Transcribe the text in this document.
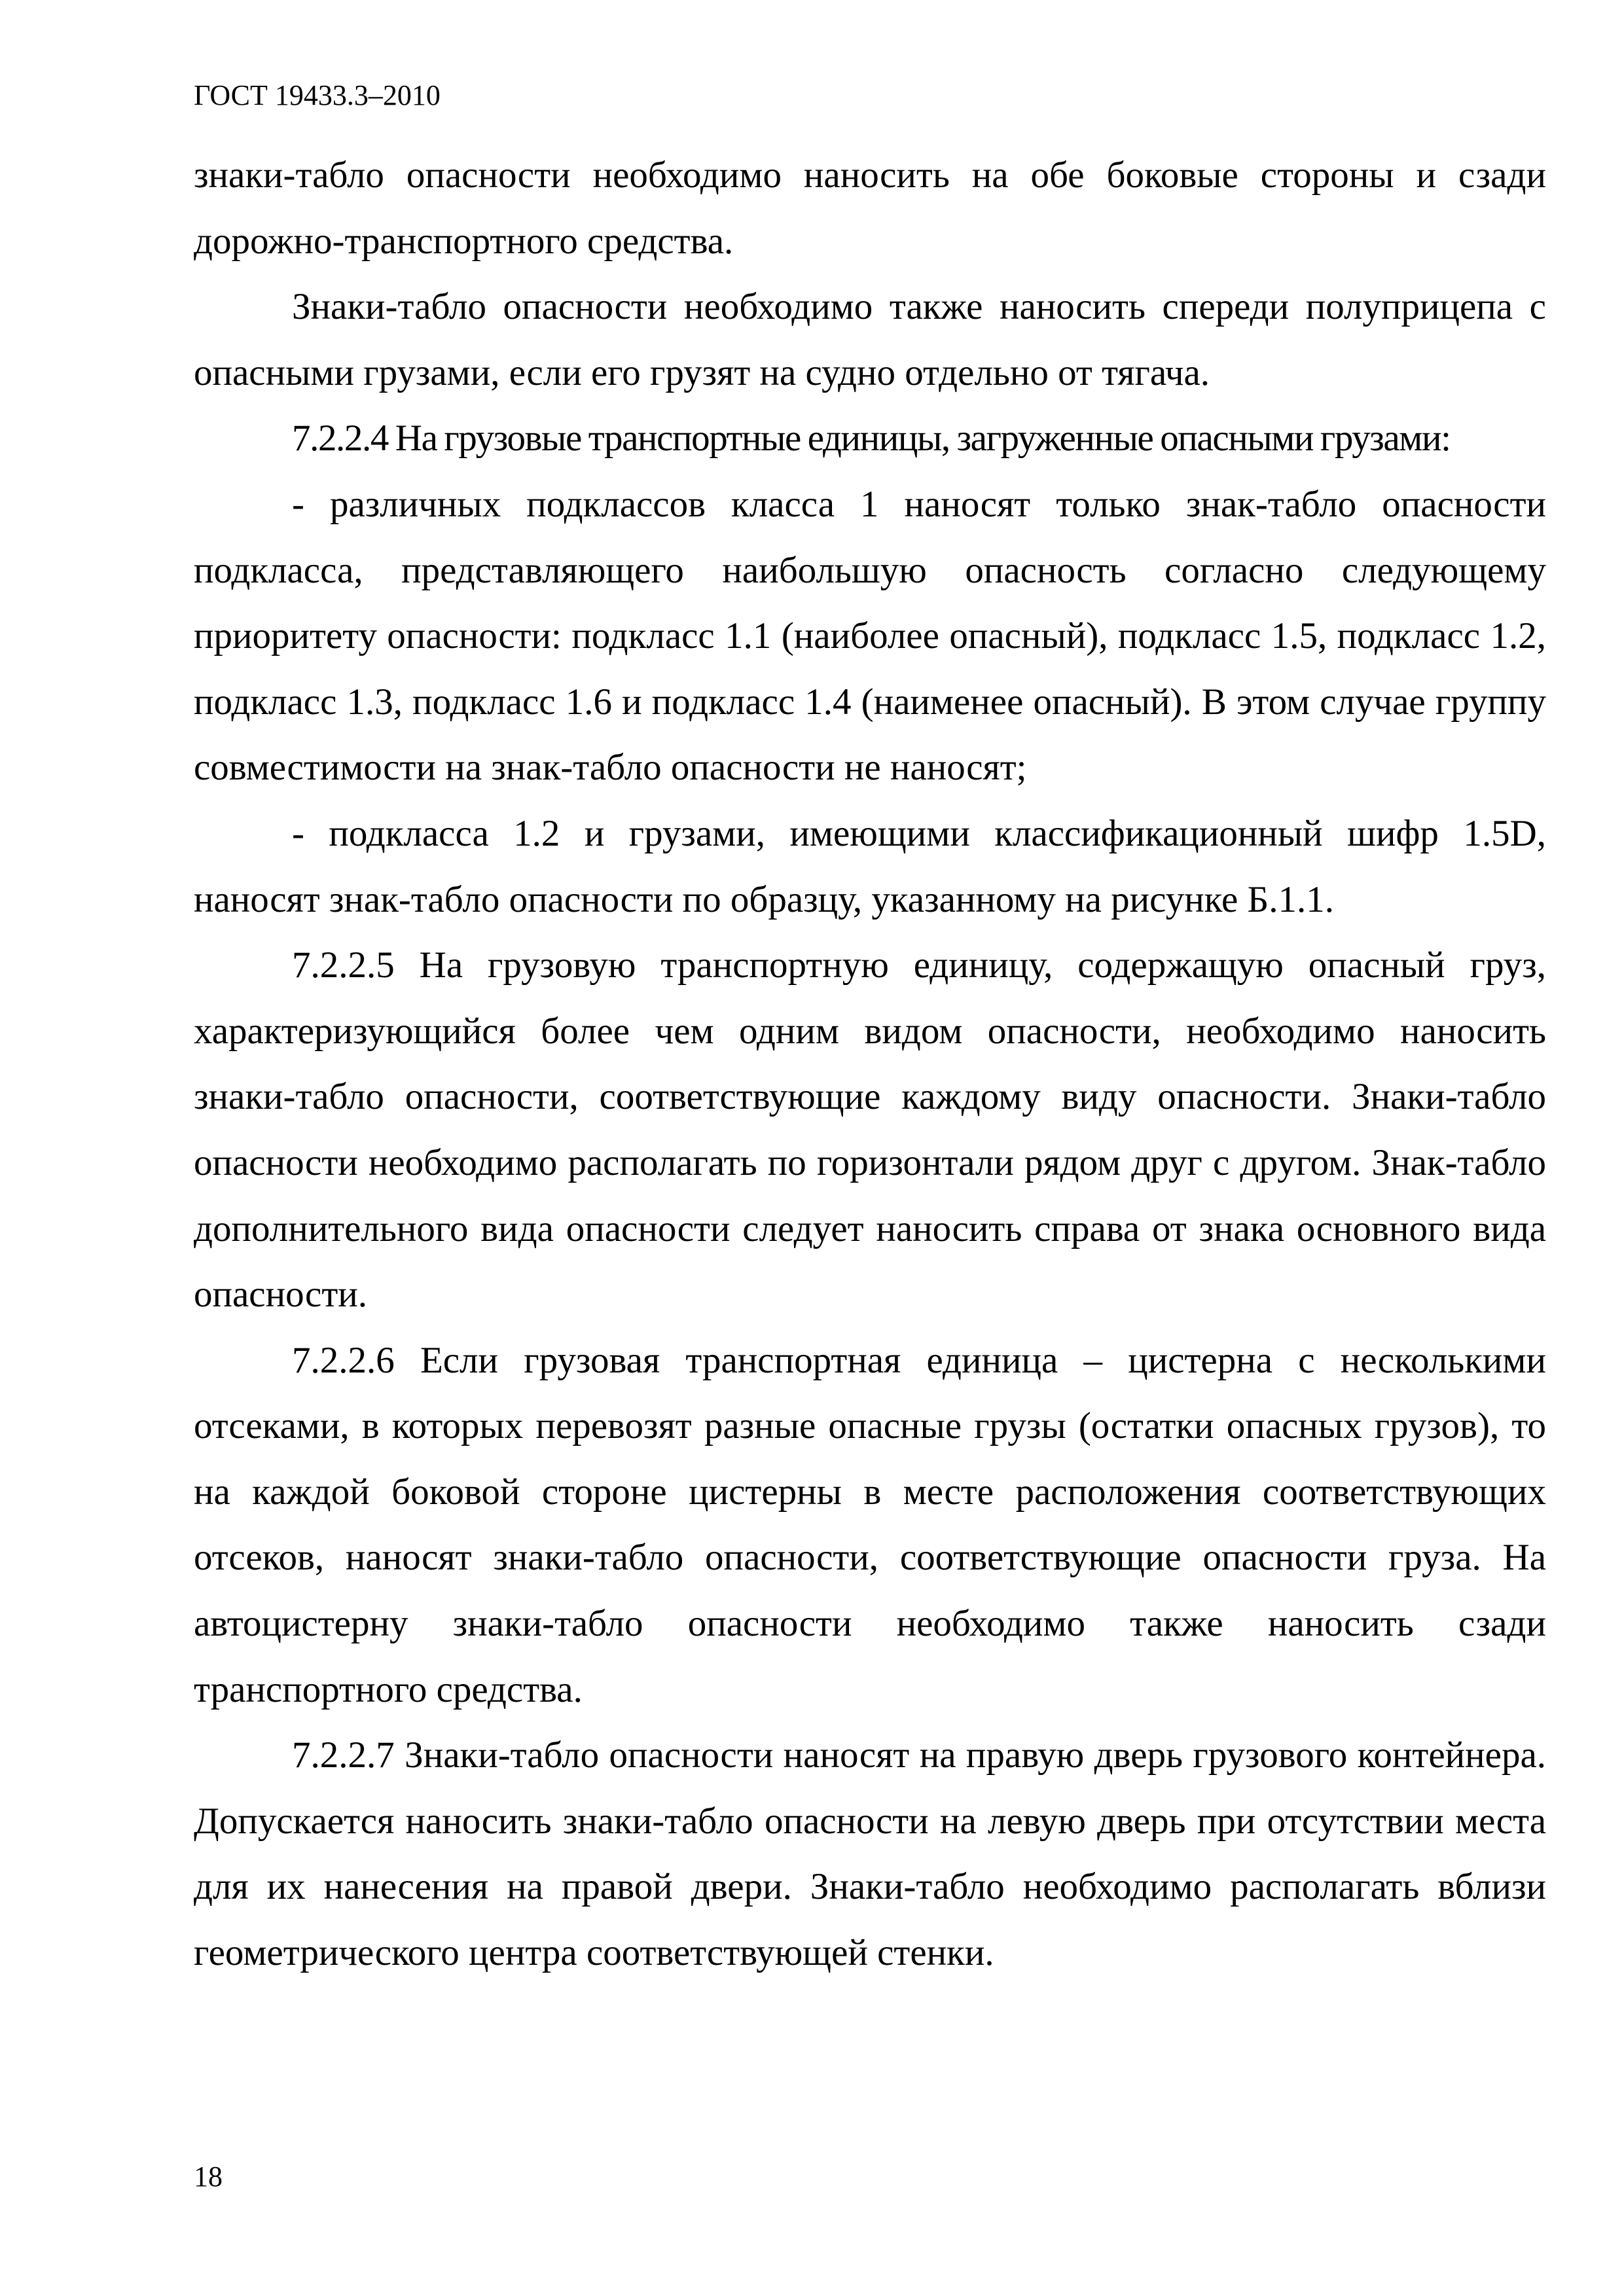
ГОСТ 19433.3–2010

знаки-табло опасности необходимо наносить на обе боковые стороны и сзади дорожно-транспортного средства.

Знаки-табло опасности необходимо также наносить спереди полуприцепа с опасными грузами, если его грузят на судно отдельно от тягача.

7.2.2.4 На грузовые транспортные единицы, загруженные опасными грузами:

- различных подклассов класса 1 наносят только знак-табло опасности подкласса, представляющего наибольшую опасность согласно следующему приоритету опасности: подкласс 1.1 (наиболее опасный), подкласс 1.5, подкласс 1.2, подкласс 1.3, подкласс 1.6 и подкласс 1.4 (наименее опасный). В этом случае группу совместимости на знак-табло опасности не наносят;

- подкласса 1.2 и грузами, имеющими классификационный шифр 1.5D, наносят знак-табло опасности по образцу, указанному на рисунке Б.1.1.

7.2.2.5 На грузовую транспортную единицу, содержащую опасный груз, характеризующийся более чем одним видом опасности, необходимо наносить знаки-табло опасности, соответствующие каждому виду опасности. Знаки-табло опасности необходимо располагать по горизонтали рядом друг с другом. Знак-табло дополнительного вида опасности следует наносить справа от знака основного вида опасности.

7.2.2.6 Если грузовая транспортная единица – цистерна с несколькими отсеками, в которых перевозят разные опасные грузы (остатки опасных грузов), то на каждой боковой стороне цистерны в месте расположения соответствующих отсеков, наносят знаки-табло опасности, соответствующие опасности груза. На автоцистерну знаки-табло опасности необходимо также наносить сзади транспортного средства.

7.2.2.7 Знаки-табло опасности наносят на правую дверь грузового контейнера. Допускается наносить знаки-табло опасности на левую дверь при отсутствии места для их нанесения на правой двери. Знаки-табло необходимо располагать вблизи геометрического центра соответствующей стенки.

18
